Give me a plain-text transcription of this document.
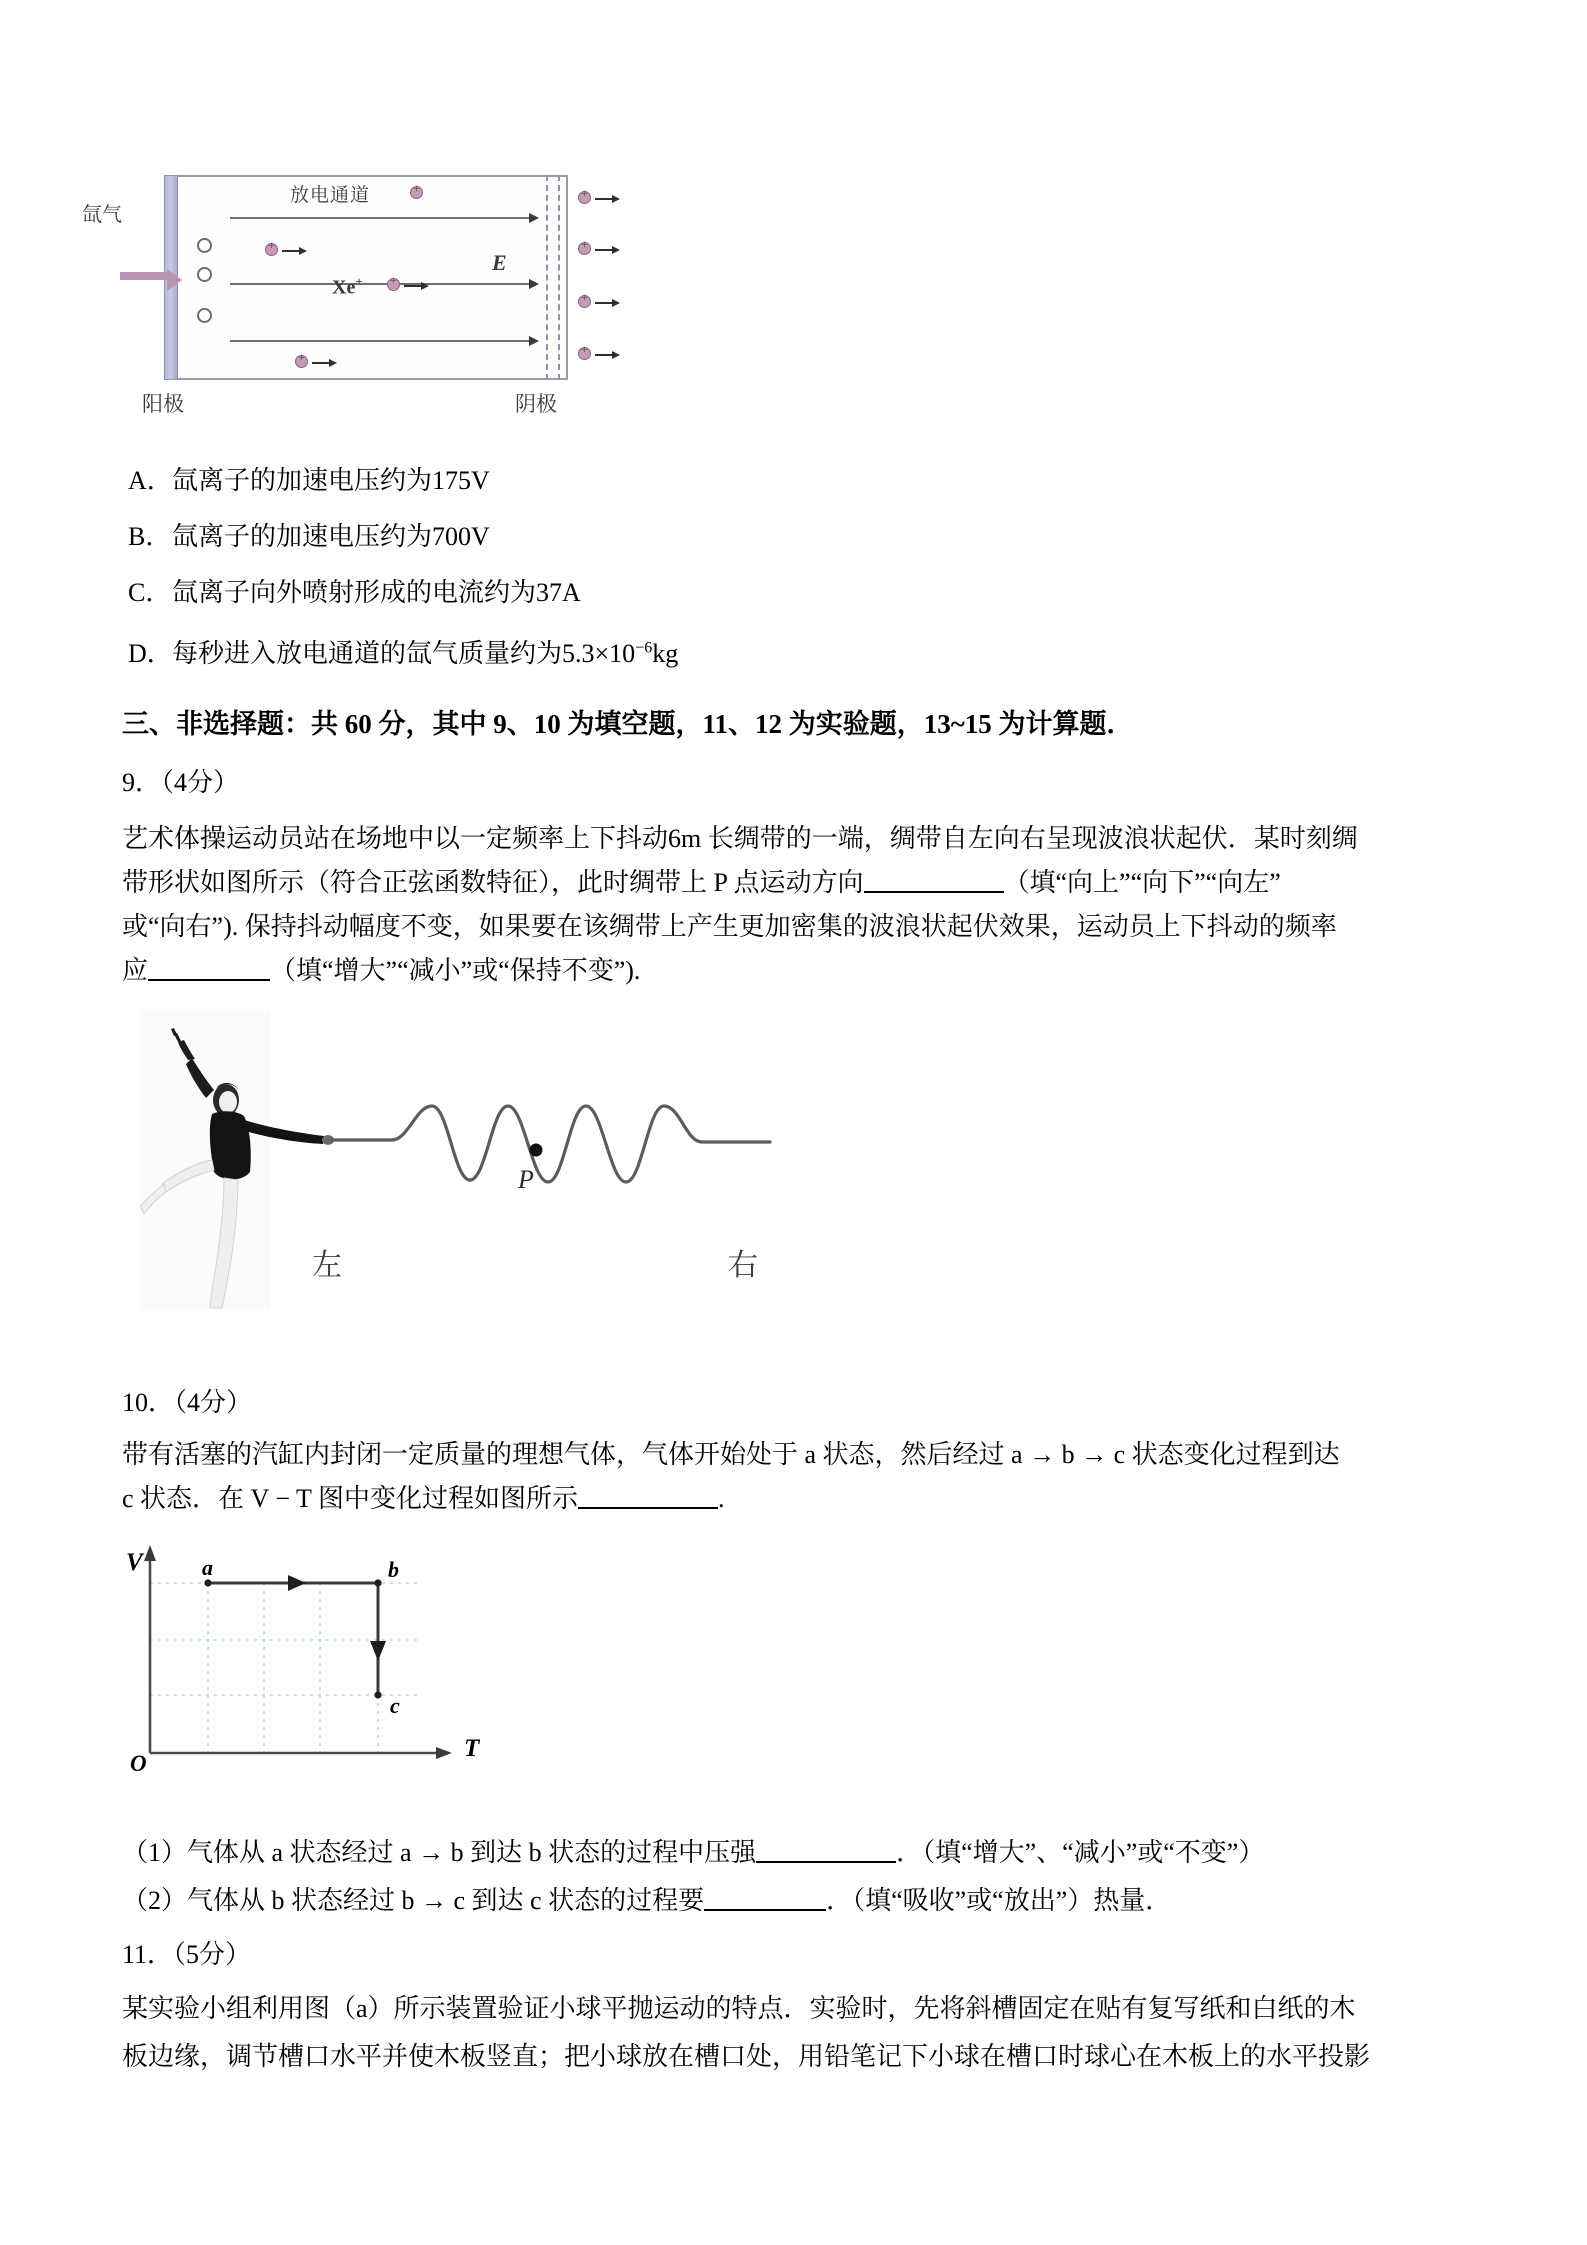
氙气
放电通道
+
E
+
Xe+
+
+
+
+
+
+
阳极	阴极
A．氙离子的加速电压约为175V
B．氙离子的加速电压约为700V
C．氙离子向外喷射形成的电流约为37A
D．每秒进入放电通道的氙气质量约为$5.3\times 10^{-6}kg$
三、非选择题：共 60 分，其中 9、10 为填空题，11、12 为实验题，13~15 为计算题．
9．（4分）
艺术体操运动员站在场地中以一定频率上下抖动6m 长绸带的一端，绸带自左向右呈现波浪状起伏．某时刻绸
带形状如图所示（符合正弦函数特征），此时绸带上 P 点运动方向	（填“向上”“向下”“向左”
或“向右”). 保持抖动幅度不变，如果要在该绸带上产生更加密集的波浪状起伏效果，运动员上下抖动的频率
应	（填“增大”“减小”或“保持不变”).
P
左	右
10．（4分）
带有活塞的汽缸内封闭一定质量的理想气体，气体开始处于 a 状态，然后经过 a → b → c 状态变化过程到达
c 状态．在 V − T 图中变化过程如图所示	.
V
T
O
a	b
c
（1）气体从 a 状态经过 a → b 到达 b 状态的过程中压强	．（填“增大”、“减小”或“不变”）
（2）气体从 b 状态经过 b → c 到达 c 状态的过程要	．（填“吸收”或“放出”）热量．
11．（5分）
某实验小组利用图（a）所示装置验证小球平抛运动的特点．实验时，先将斜槽固定在贴有复写纸和白纸的木
板边缘，调节槽口水平并使木板竖直；把小球放在槽口处，用铅笔记下小球在槽口时球心在木板上的水平投影
